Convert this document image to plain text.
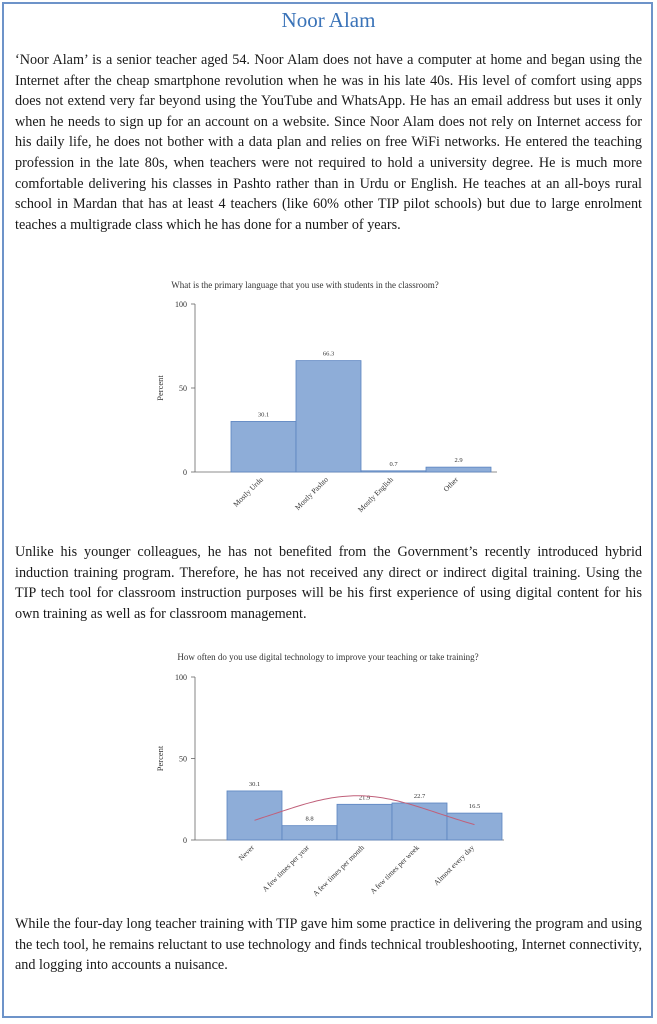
Noor Alam

‘Noor Alam’ is a senior teacher aged 54. Noor Alam does not have a computer at home and began using the Internet after the cheap smartphone revolution when he was in his late 40s. His level of comfort using apps does not extend very far beyond using the YouTube and WhatsApp. He has an email address but uses it only when he needs to sign up for an account on a website. Since Noor Alam does not rely on Internet access for his daily life, he does not bother with a data plan and relies on free WiFi networks. He entered the teaching profession in the late 80s, when teachers were not required to hold a university degree. He is much more comfortable delivering his classes in Pashto rather than in Urdu or English. He teaches at an all-boys rural school in Mardan that has at least 4 teachers (like 60% other TIP pilot schools) but due to large enrolment teaches a multigrade class which he has done for a number of years.

What is the primary language that you use with students in the classroom?
0
50
100
Percent
30.1
Mostly Urdu
66.3
Mostly Pashto
0.7
Mostly English
2.9
Other

Unlike his younger colleagues, he has not benefited from the Government’s recently introduced hybrid induction training program. Therefore, he has not received any direct or indirect digital training. Using the TIP tech tool for classroom instruction purposes will be his first experience of using digital content for his own training as well as for classroom management.

How often do you use digital technology to improve your teaching or take training?
0
50
100
Percent
30.1
Never
8.8
A few times per year
21.9
A few times per month
22.7
A few times per week
16.5
Almost every day

While the four-day long teacher training with TIP gave him some practice in delivering the program and using the tech tool, he remains reluctant to use technology and finds technical troubleshooting, Internet connectivity, and logging into accounts a nuisance.
